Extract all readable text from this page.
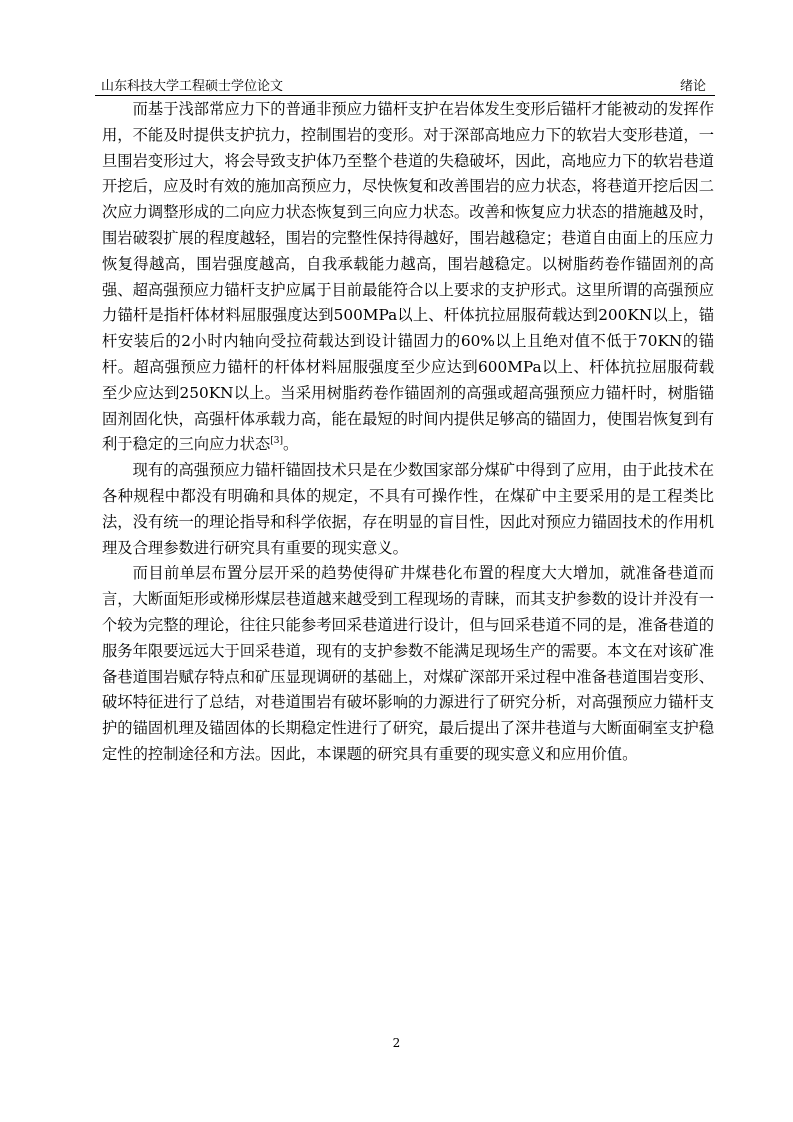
山东科技大学工程硕士学位论文	绪论

而基于浅部常应力下的普通非预应力锚杆支护在岩体发生变形后锚杆才能被动的发挥作用，不能及时提供支护抗力，控制围岩的变形。对于深部高地应力下的软岩大变形巷道，一旦围岩变形过大，将会导致支护体乃至整个巷道的失稳破坏，因此，高地应力下的软岩巷道开挖后，应及时有效的施加高预应力，尽快恢复和改善围岩的应力状态，将巷道开挖后因二次应力调整形成的二向应力状态恢复到三向应力状态。改善和恢复应力状态的措施越及时，围岩破裂扩展的程度越轻，围岩的完整性保持得越好，围岩越稳定；巷道自由面上的压应力恢复得越高，围岩强度越高，自我承载能力越高，围岩越稳定。以树脂药卷作锚固剂的高强、超高强预应力锚杆支护应属于目前最能符合以上要求的支护形式。这里所谓的高强预应力锚杆是指杆体材料屈服强度达到500MPa以上、杆体抗拉屈服荷载达到200KN以上，锚杆安装后的2小时内轴向受拉荷载达到设计锚固力的60%以上且绝对值不低于70KN的锚杆。超高强预应力锚杆的杆体材料屈服强度至少应达到600MPa以上、杆体抗拉屈服荷载至少应达到250KN以上。当采用树脂药卷作锚固剂的高强或超高强预应力锚杆时，树脂锚固剂固化快，高强杆体承载力高，能在最短的时间内提供足够高的锚固力，使围岩恢复到有利于稳定的三向应力状态[3]。

现有的高强预应力锚杆锚固技术只是在少数国家部分煤矿中得到了应用，由于此技术在各种规程中都没有明确和具体的规定，不具有可操作性，在煤矿中主要采用的是工程类比法，没有统一的理论指导和科学依据，存在明显的盲目性，因此对预应力锚固技术的作用机理及合理参数进行研究具有重要的现实意义。

而目前单层布置分层开采的趋势使得矿井煤巷化布置的程度大大增加，就准备巷道而言，大断面矩形或梯形煤层巷道越来越受到工程现场的青睐，而其支护参数的设计并没有一个较为完整的理论，往往只能参考回采巷道进行设计，但与回采巷道不同的是，准备巷道的服务年限要远远大于回采巷道，现有的支护参数不能满足现场生产的需要。本文在对该矿准备巷道围岩赋存特点和矿压显现调研的基础上，对煤矿深部开采过程中准备巷道围岩变形、破坏特征进行了总结，对巷道围岩有破坏影响的力源进行了研究分析，对高强预应力锚杆支护的锚固机理及锚固体的长期稳定性进行了研究，最后提出了深井巷道与大断面硐室支护稳定性的控制途径和方法。因此，本课题的研究具有重要的现实意义和应用价值。

2
